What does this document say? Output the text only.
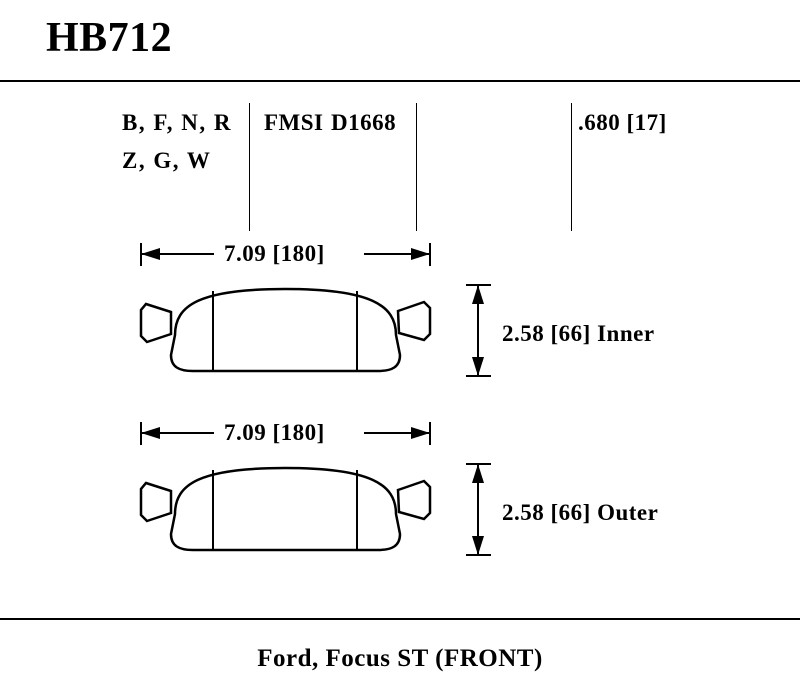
HB712
B, F, N, R
Z, G, W
FMSI D1668	.680 [17]
7.09 [180]
7.09 [180]
2.58 [66] Inner
2.58 [66] Outer
Ford, Focus ST (FRONT)
